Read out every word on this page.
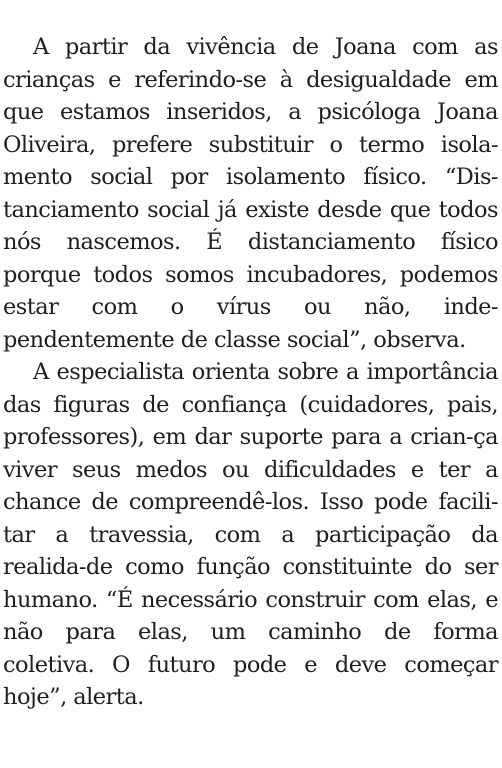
A partir da vivência de Joana com as crianças e referindo-se à desigualdade em que estamos inseridos, a psicóloga Joana Oliveira, prefere substituir o termo isola-mento social por isolamento físico. “Dis-tanciamento social já existe desde que todos nós nascemos. É distanciamento físico porque todos somos incubadores, podemos estar com o vírus ou não, inde-pendentemente de classe social”, observa.

A especialista orienta sobre a importância das figuras de confiança (cuidadores, pais, professores), em dar suporte para a crian-ça viver seus medos ou dificuldades e ter a chance de compreendê-los. Isso pode facili-tar a travessia, com a participação da realida-de como função constituinte do ser humano. “É necessário construir com elas, e não para elas, um caminho de forma coletiva. O futuro pode e deve começar hoje”, alerta.
